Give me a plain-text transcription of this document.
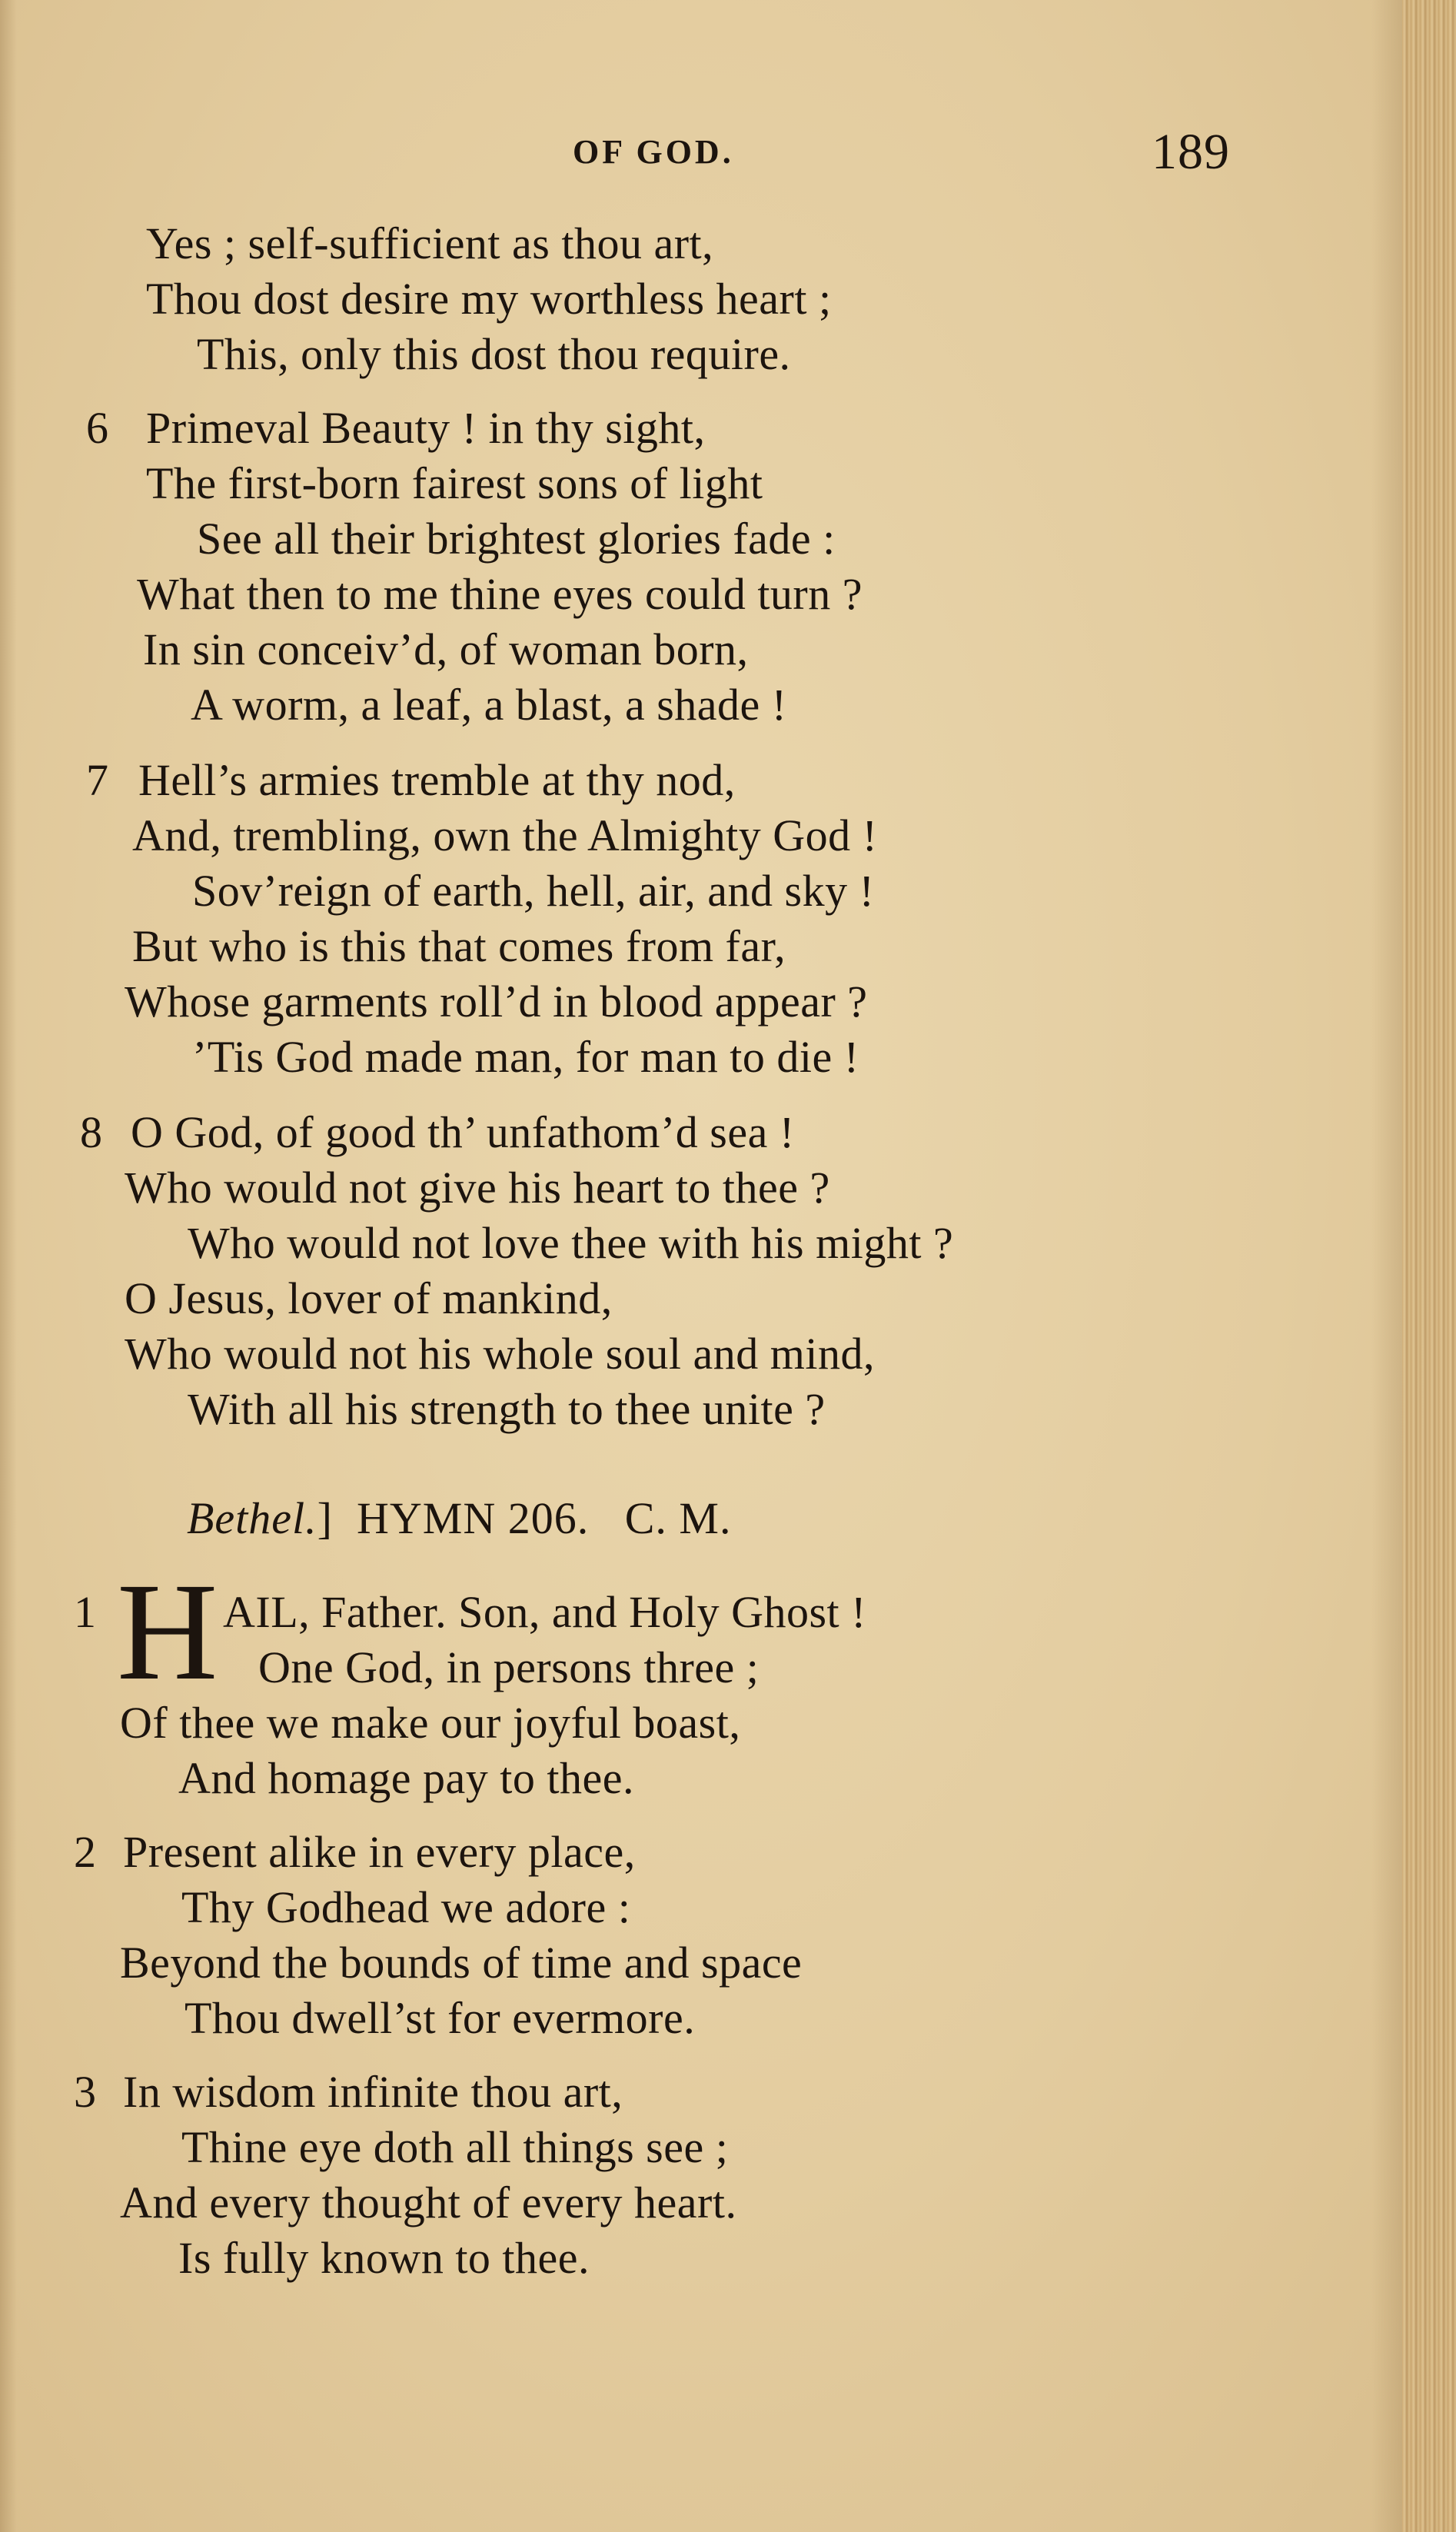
OF GOD.	189
Yes ; self-sufficient as thou art,
Thou dost desire my worthless heart ;
This, only this dost thou require.
6 Primeval Beauty ! in thy sight,
The first-born fairest sons of light
See all their brightest glories fade :
What then to me thine eyes could turn ?
In sin conceiv’d, of woman born,
A worm, a leaf, a blast, a shade !
7 Hell’s armies tremble at thy nod,
And, trembling, own the Almighty God !
Sov’reign of earth, hell, air, and sky !
But who is this that comes from far,
Whose garments roll’d in blood appear ?
’Tis God made man, for man to die !
8 O God, of good th’ unfathom’d sea !
Who would not give his heart to thee ?
Who would not love thee with his might ?
O Jesus, lover of mankind,
Who would not his whole soul and mind,
With all his strength to thee unite ?
Bethel.] HYMN 206. C. M.
1 H AIL, Father. Son, and Holy Ghost !
One God, in persons three ;
Of thee we make our joyful boast,
And homage pay to thee.
2 Present alike in every place,
Thy Godhead we adore :
Beyond the bounds of time and space
Thou dwell’st for evermore.
3 In wisdom infinite thou art,
Thine eye doth all things see ;
And every thought of every heart.
Is fully known to thee.
